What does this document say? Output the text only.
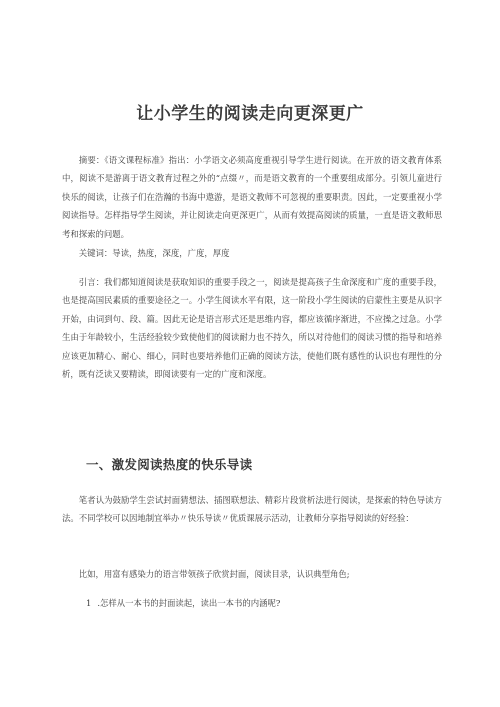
让小学生的阅读走向更深更广

摘要：《语文课程标准》指出：小学语文必须高度重视引导学生进行阅读。在开放的语文教育体系中，阅读不是游离于语文教育过程之外的“点缀〃，而是语文教育的一个重要组成部分。引领儿童进行快乐的阅读，让孩子们在浩瀚的书海中遨游，是语文教师不可忽视的重要职责。因此，一定要重视小学阅读指导。怎样指导学生阅读，并让阅读走向更深更广，从而有效提高阅读的质量，一直是语文教师思考和探索的问题。

关键词：导读，热度，深度，广度，厚度

引言：我们都知道阅读是获取知识的重要手段之一，阅读是提高孩子生命深度和广度的重要手段，也是提高国民素质的重要途径之一。小学生阅读水平有限，这一阶段小学生阅读的启蒙性主要是从识字开始，由词到句、段、篇。因此无论是语言形式还是思维内容，都应该循序渐进，不应操之过急。小学生由于年龄较小，生活经验较少致使他们的阅读耐力也不持久，所以对待他们的阅读习惯的指导和培养应该更加精心、耐心、细心，同时也要培养他们正确的阅读方法，使他们既有感性的认识也有理性的分析，既有泛读又要精读，即阅读要有一定的广度和深度。

一、激发阅读热度的快乐导读

笔者认为鼓励学生尝试封面猜想法、插图联想法、精彩片段赏析法进行阅读，是探索的特色导读方法。不同学校可以因地制宜举办〃快乐导读〃优质课展示活动，让教师分享指导阅读的好经验：

比如，用富有感染力的语言带领孩子欣赏封面，阅读目录，认识典型角色;

1 .怎样从一本书的封面读起，读出一本书的内涵呢?
